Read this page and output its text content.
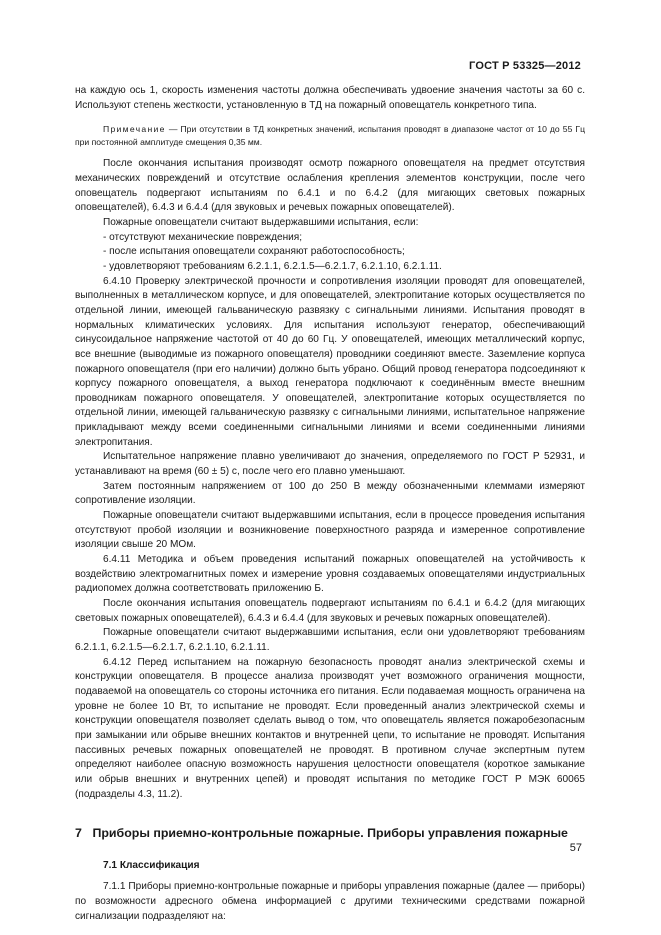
ГОСТ Р 53325—2012

на каждую ось 1, скорость изменения частоты должна обеспечивать удвоение значения частоты за 60 с. Используют степень жесткости, установленную в ТД на пожарный оповещатель конкретного типа.

Примечание — При отсутствии в ТД конкретных значений, испытания проводят в диапазоне частот от 10 до 55 Гц при постоянной амплитуде смещения 0,35 мм.

После окончания испытания производят осмотр пожарного оповещателя на предмет отсутствия механических повреждений и отсутствие ослабления крепления элементов конструкции, после чего оповещатель подвергают испытаниям по 6.4.1 и по 6.4.2 (для мигающих световых пожарных оповещателей), 6.4.3 и 6.4.4 (для звуковых и речевых пожарных оповещателей).

Пожарные оповещатели считают выдержавшими испытания, если:

- отсутствуют механические повреждения;

- после испытания оповещатели сохраняют работоспособность;

- удовлетворяют требованиям 6.2.1.1, 6.2.1.5—6.2.1.7, 6.2.1.10, 6.2.1.11.

6.4.10 Проверку электрической прочности и сопротивления изоляции проводят для оповещателей, выполненных в металлическом корпусе, и для оповещателей, электропитание которых осуществляется по отдельной линии, имеющей гальваническую развязку с сигнальными линиями. Испытания проводят в нормальных климатических условиях. Для испытания используют генератор, обеспечивающий синусоидальное напряжение частотой от 40 до 60 Гц. У оповещателей, имеющих металлический корпус, все внешние (выводимые из пожарного оповещателя) проводники соединяют вместе. Заземление корпуса пожарного оповещателя (при его наличии) должно быть убрано. Общий провод генератора подсоединяют к корпусу пожарного оповещателя, а выход генератора подключают к соединённым вместе внешним проводникам пожарного оповещателя. У оповещателей, электропитание которых осуществляется по отдельной линии, имеющей гальваническую развязку с сигнальными линиями, испытательное напряжение прикладывают между всеми соединенными сигнальными линиями и всеми соединенными линиями электропитания.

Испытательное напряжение плавно увеличивают до значения, определяемого по ГОСТ Р 52931, и устанавливают на время (60 ± 5) с, после чего его плавно уменьшают.

Затем постоянным напряжением от 100 до 250 В между обозначенными клеммами измеряют сопротивление изоляции.

Пожарные оповещатели считают выдержавшими испытания, если в процессе проведения испытания отсутствуют пробой изоляции и возникновение поверхностного разряда и измеренное сопротивление изоляции свыше 20 МОм.

6.4.11 Методика и объем проведения испытаний пожарных оповещателей на устойчивость к воздействию электромагнитных помех и измерение уровня создаваемых оповещателями индустриальных радиопомех должна соответствовать приложению Б.

После окончания испытания оповещатель подвергают испытаниям по 6.4.1 и 6.4.2 (для мигающих световых пожарных оповещателей), 6.4.3 и 6.4.4 (для звуковых и речевых пожарных оповещателей).

Пожарные оповещатели считают выдержавшими испытания, если они удовлетворяют требованиям 6.2.1.1, 6.2.1.5—6.2.1.7, 6.2.1.10, 6.2.1.11.

6.4.12 Перед испытанием на пожарную безопасность проводят анализ электрической схемы и конструкции оповещателя. В процессе анализа производят учет возможного ограничения мощности, подаваемой на оповещатель со стороны источника его питания. Если подаваемая мощность ограничена на уровне не более 10 Вт, то испытание не проводят. Если проведенный анализ электрической схемы и конструкции оповещателя позволяет сделать вывод о том, что оповещатель является пожаробезопасным при замыкании или обрыве внешних контактов и внутренней цепи, то испытание не проводят. Испытания пассивных речевых пожарных оповещателей не проводят. В противном случае экспертным путем определяют наиболее опасную возможность нарушения целостности оповещателя (короткое замыкание или обрыв внешних и внутренних цепей) и проводят испытания по методике ГОСТ Р МЭК 60065 (подразделы 4.3, 11.2).

7 Приборы приемно-контрольные пожарные. Приборы управления пожарные

7.1 Классификация

7.1.1 Приборы приемно-контрольные пожарные и приборы управления пожарные (далее — приборы) по возможности адресного обмена информацией с другими техническими средствами пожарной сигнализации подразделяют на:

57
